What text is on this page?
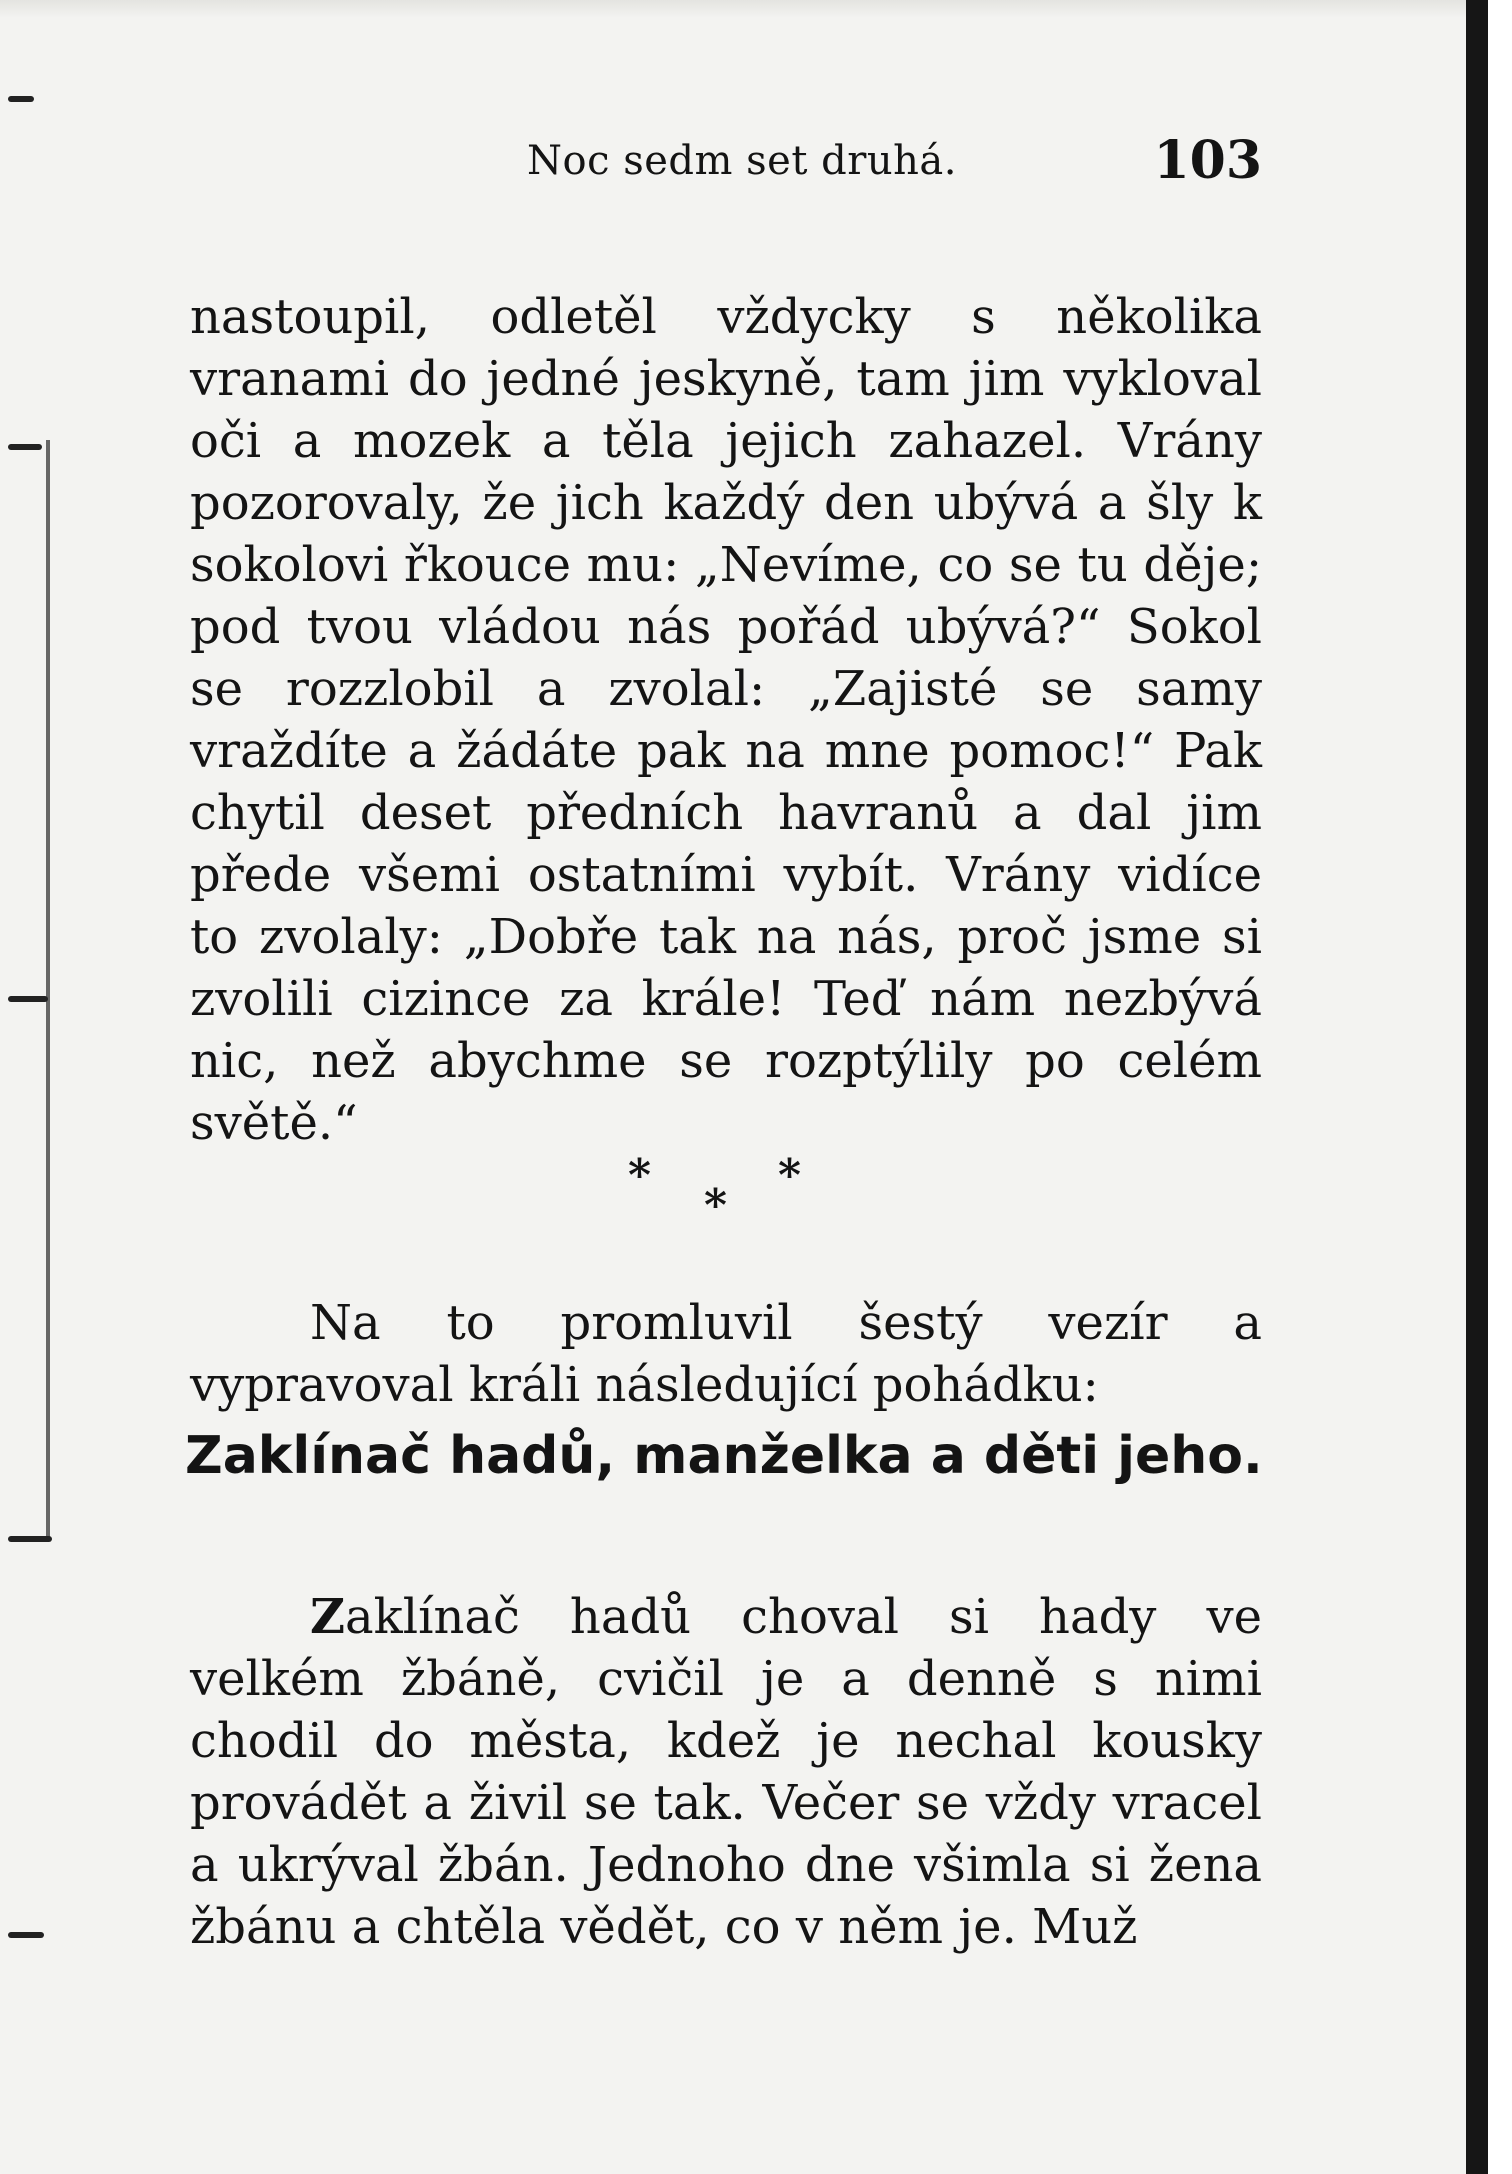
Noc sedm set druhá.	103

nastoupil, odletěl vždycky s několika vranami do jedné jeskyně, tam jim vykloval oči a mozek a těla jejich zahazel. Vrány pozorovaly, že jich každý den ubývá a šly k sokolovi řkouce mu: „Nevíme, co se tu děje; pod tvou vládou nás pořád ubývá?“ Sokol se rozzlobil a zvolal: „Zajisté se samy vraždíte a žádáte pak na mne pomoc!“ Pak chytil deset předních havranů a dal jim přede všemi ostatními vybít. Vrány vidíce to zvolaly: „Dobře tak na nás, proč jsme si zvolili cizince za krále! Teď nám nezbývá nic, než abychme se rozptýlily po celém světě.“

*	*
*

Na to promluvil šestý vezír a vypravoval králi následující pohádku:

Zaklínač hadů, manželka a děti jeho.

Zaklínač hadů choval si hady ve velkém žbáně, cvičil je a denně s nimi chodil do města, kdež je nechal kousky provádět a živil se tak. Večer se vždy vracel a ukrýval žbán. Jednoho dne všimla si žena žbánu a chtěla vědět, co v něm je. Muž
